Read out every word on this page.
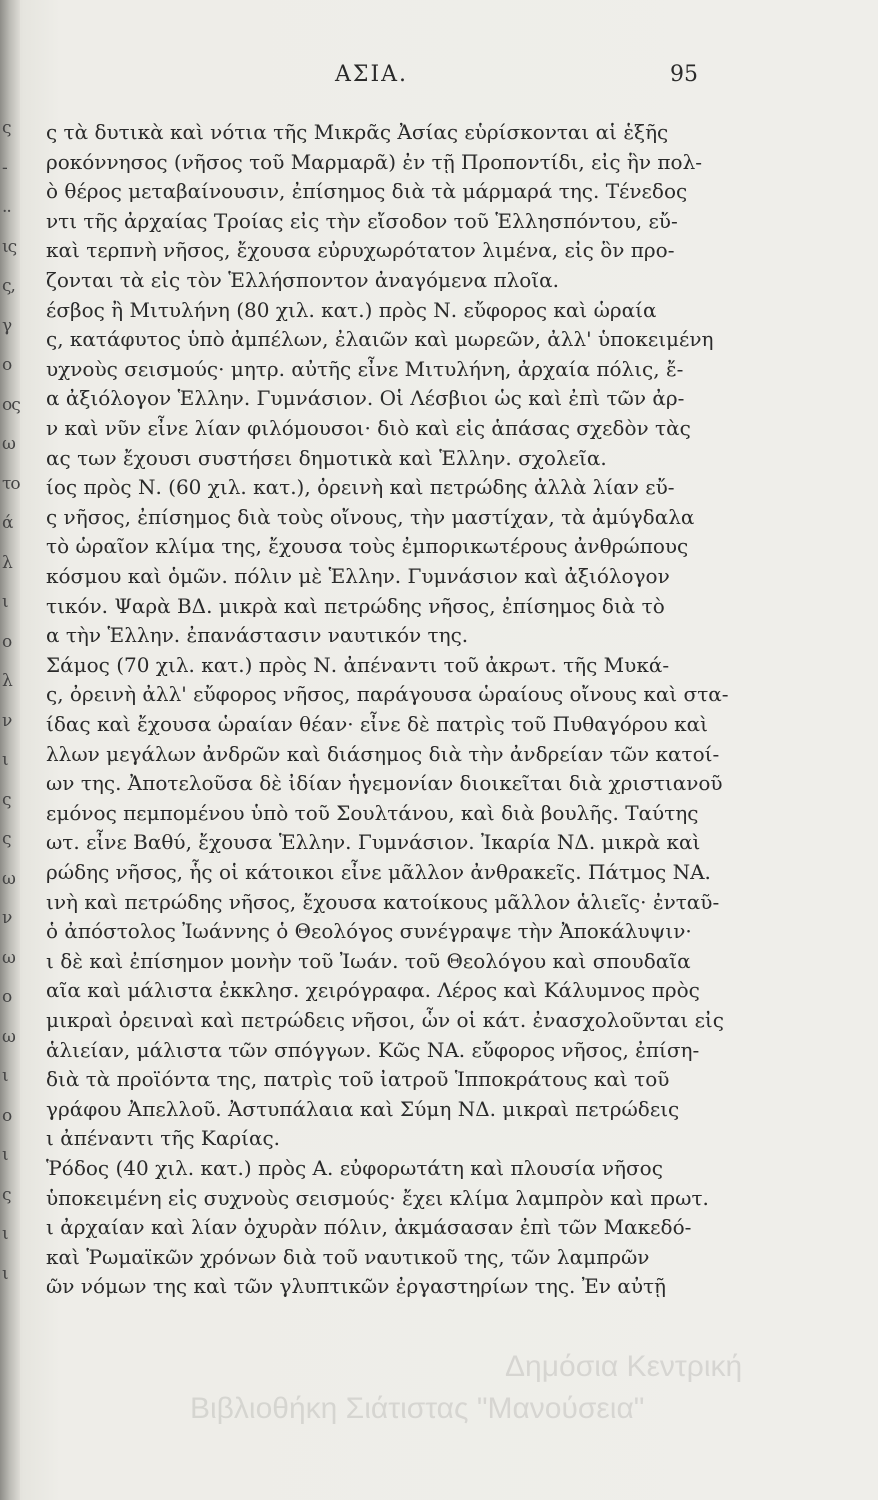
ς
-
..
ις
ς,
γ
ο
ος
ω
το
ά
λ
ι
ο
λ
ν
ι
ς
ς
ω
ν
ω
ο
ω
ι
ο
ι
ς
ι
ι
ΑΣΙΑ.	95
ς τὰ δυτικὰ καὶ νότια τῆς Μικρᾶς Ἀσίας εὑρίσκονται αἱ ἑξῆς
ροκόννησος (νῆσος τοῦ Μαρμαρᾶ) ἐν τῇ Προποντίδι, εἰς ἣν πολ-
ὸ θέρος μεταβαίνουσιν, ἐπίσημος διὰ τὰ μάρμαρά της. Τένεδος
ντι τῆς ἀρχαίας Τροίας εἰς τὴν εἴσοδον τοῦ Ἑλλησπόντου, εὔ-
καὶ τερπνὴ νῆσος, ἔχουσα εὐρυχωρότατον λιμένα, εἰς ὃν προ-
ζονται τὰ εἰς τὸν Ἑλλήσποντον ἀναγόμενα πλοῖα.
έσβος ἢ Μιτυλήνη (80 χιλ. κατ.) πρὸς Ν. εὔφορος καὶ ὡραία
ς, κατάφυτος ὑπὸ ἀμπέλων, ἐλαιῶν καὶ μωρεῶν, ἀλλ' ὑποκειμένη
υχνοὺς σεισμούς· μητρ. αὐτῆς εἶνε Μιτυλήνη, ἀρχαία πόλις, ἔ-
α ἀξιόλογον Ἑλλην. Γυμνάσιον. Οἱ Λέσβιοι ὡς καὶ ἐπὶ τῶν ἀρ-
ν καὶ νῦν εἶνε λίαν φιλόμουσοι· διὸ καὶ εἰς ἁπάσας σχεδὸν τὰς
ας των ἔχουσι συστήσει δημοτικὰ καὶ Ἑλλην. σχολεῖα.
ίος πρὸς Ν. (60 χιλ. κατ.), ὀρεινὴ καὶ πετρώδης ἀλλὰ λίαν εὔ-
ς νῆσος, ἐπίσημος διὰ τοὺς οἴνους, τὴν μαστίχαν, τὰ ἀμύγδαλα
τὸ ὡραῖον κλίμα της, ἔχουσα τοὺς ἐμπορικωτέρους ἀνθρώπους
κόσμου καὶ ὁμῶν. πόλιν μὲ Ἑλλην. Γυμνάσιον καὶ ἀξιόλογον
τικόν. Ψαρὰ ΒΔ. μικρὰ καὶ πετρώδης νῆσος, ἐπίσημος διὰ τὸ
α τὴν Ἑλλην. ἐπανάστασιν ναυτικόν της.
Σάμος (70 χιλ. κατ.) πρὸς Ν. ἀπέναντι τοῦ ἀκρωτ. τῆς Μυκά-
ς, ὀρεινὴ ἀλλ' εὔφορος νῆσος, παράγουσα ὡραίους οἴνους καὶ στα-
ίδας καὶ ἔχουσα ὡραίαν θέαν· εἶνε δὲ πατρὶς τοῦ Πυθαγόρου καὶ
λλων μεγάλων ἀνδρῶν καὶ διάσημος διὰ τὴν ἀνδρείαν τῶν κατοί-
ων της. Ἀποτελοῦσα δὲ ἰδίαν ἡγεμονίαν διοικεῖται διὰ χριστιανοῦ
εμόνος πεμπομένου ὑπὸ τοῦ Σουλτάνου, καὶ διὰ βουλῆς. Ταύτης
ωτ. εἶνε Βαθύ, ἔχουσα Ἑλλην. Γυμνάσιον. Ἰκαρία ΝΔ. μικρὰ καὶ
ρώδης νῆσος, ἧς οἱ κάτοικοι εἶνε μᾶλλον ἀνθρακεῖς. Πάτμος ΝΑ.
ινὴ καὶ πετρώδης νῆσος, ἔχουσα κατοίκους μᾶλλον ἁλιεῖς· ἐνταῦ-
ὁ ἀπόστολος Ἰωάννης ὁ Θεολόγος συνέγραψε τὴν Ἀποκάλυψιν·
ι δὲ καὶ ἐπίσημον μονὴν τοῦ Ἰωάν. τοῦ Θεολόγου καὶ σπουδαῖα
αῖα καὶ μάλιστα ἐκκλησ. χειρόγραφα. Λέρος καὶ Κάλυμνος πρὸς
μικραὶ ὀρειναὶ καὶ πετρώδεις νῆσοι, ὧν οἱ κάτ. ἐνασχολοῦνται εἰς
ἁλιείαν, μάλιστα τῶν σπόγγων. Κῶς ΝΑ. εὔφορος νῆσος, ἐπίση-
διὰ τὰ προϊόντα της, πατρὶς τοῦ ἰατροῦ Ἱπποκράτους καὶ τοῦ
γράφου Ἀπελλοῦ. Ἀστυπάλαια καὶ Σύμη ΝΔ. μικραὶ πετρώδεις
ι ἀπέναντι τῆς Καρίας.
Ῥόδος (40 χιλ. κατ.) πρὸς Α. εὐφορωτάτη καὶ πλουσία νῆσος
ὑποκειμένη εἰς συχνοὺς σεισμούς· ἔχει κλίμα λαμπρὸν καὶ πρωτ.
ι ἀρχαίαν καὶ λίαν ὀχυρὰν πόλιν, ἀκμάσασαν ἐπὶ τῶν Μακεδό-
καὶ Ῥωμαϊκῶν χρόνων διὰ τοῦ ναυτικοῦ της, τῶν λαμπρῶν
ῶν νόμων της καὶ τῶν γλυπτικῶν ἐργαστηρίων της. Ἐν αὐτῇ
Δημόσια Κεντρική
Βιβλιοθήκη Σιάτιστας "Μανούσεια"
